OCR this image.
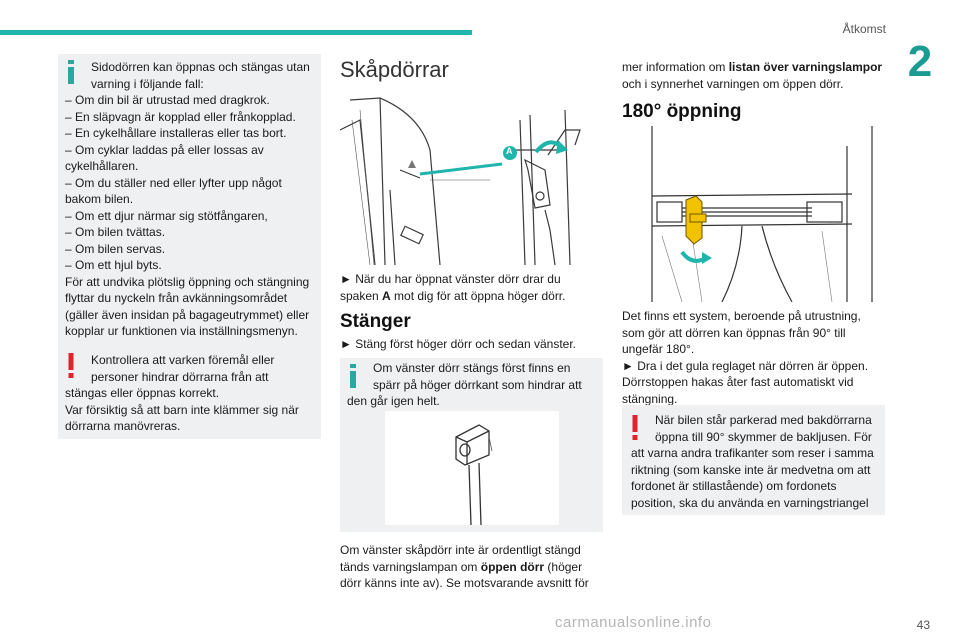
Åtkomst
2
43

Sidodörren kan öppnas och stängas utan

varning i följande fall:

– Om din bil är utrustad med dragkrok.

– En släpvagn är kopplad eller frånkopplad.

– En cykelhållare installeras eller tas bort.

– Om cyklar laddas på eller lossas av

cykelhållaren.

– Om du ställer ned eller lyfter upp något

bakom bilen.

– Om ett djur närmar sig stötfångaren,

– Om bilen tvättas.

– Om bilen servas.

– Om ett hjul byts.

För att undvika plötslig öppning och stängning

flyttar du nyckeln från avkänningsområdet

(gäller även insidan på bagageutrymmet) eller

kopplar ur funktionen via inställningsmenyn.

Kontrollera att varken föremål eller

personer hindrar dörrarna från att

stängas eller öppnas korrekt.

Var försiktig så att barn inte klämmer sig när

dörrarna manövreras.

Skåpdörrar
A

► När du har öppnat vänster dörr drar du

spaken A mot dig för att öppna höger dörr.

Stänger
► Stäng först höger dörr och sedan vänster.

Om vänster dörr stängs först finns en

spärr på höger dörrkant som hindrar att

den går igen helt.

Om vänster skåpdörr inte är ordentligt stängd

tänds varningslampan om öppen dörr (höger

dörr känns inte av). Se motsvarande avsnitt för

mer information om listan över varningslampor

och i synnerhet varningen om öppen dörr.

180° öppning

Det finns ett system, beroende på utrustning,

som gör att dörren kan öppnas från 90° till

ungefär 180°.

► Dra i det gula reglaget när dörren är öppen.

Dörrstoppen hakas åter fast automatiskt vid

stängning.

När bilen står parkerad med bakdörrarna

öppna till 90° skymmer de bakljusen. För

att varna andra trafikanter som reser i samma

riktning (som kanske inte är medvetna om att

fordonet är stillastående) om fordonets

position, ska du använda en varningstriangel

carmanualsonline.info
